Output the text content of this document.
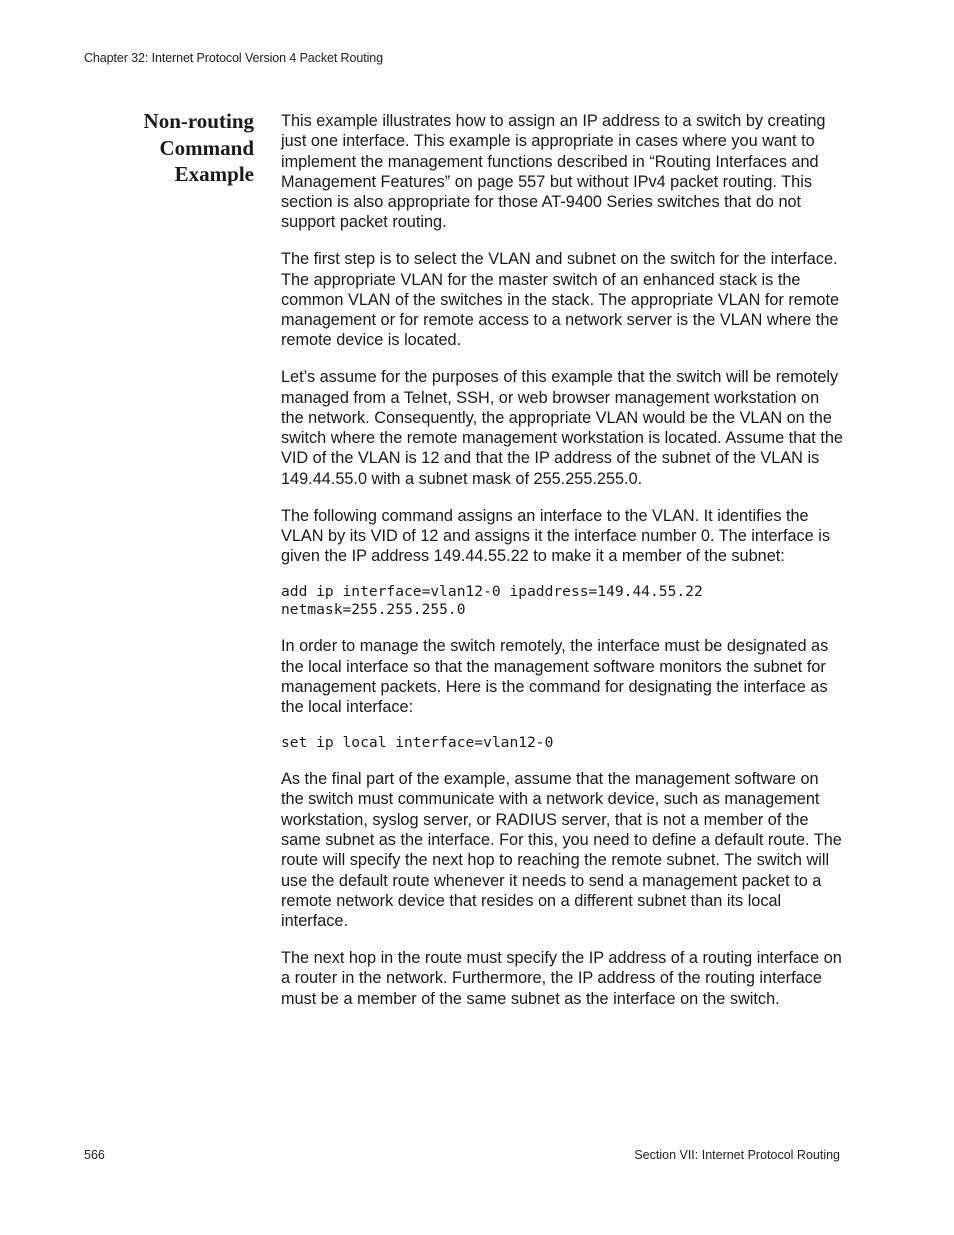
Chapter 32: Internet Protocol Version 4 Packet Routing
Non-routing
Command
Example

This example illustrates how to assign an IP address to a switch by creating just one interface. This example is appropriate in cases where you want to implement the management functions described in “Routing Interfaces and Management Features” on page 557 but without IPv4 packet routing. This section is also appropriate for those AT-9400 Series switches that do not support packet routing.

The first step is to select the VLAN and subnet on the switch for the interface. The appropriate VLAN for the master switch of an enhanced stack is the common VLAN of the switches in the stack. The appropriate VLAN for remote management or for remote access to a network server is the VLAN where the remote device is located.

Let’s assume for the purposes of this example that the switch will be remotely managed from a Telnet, SSH, or web browser management workstation on the network. Consequently, the appropriate VLAN would be the VLAN on the switch where the remote management workstation is located. Assume that the VID of the VLAN is 12 and that the IP address of the subnet of the VLAN is 149.44.55.0 with a subnet mask of 255.255.255.0.

The following command assigns an interface to the VLAN. It identifies the VLAN by its VID of 12 and assigns it the interface number 0. The interface is given the IP address 149.44.55.22 to make it a member of the subnet:

add ip interface=vlan12-0 ipaddress=149.44.55.22
netmask=255.255.255.0

In order to manage the switch remotely, the interface must be designated as the local interface so that the management software monitors the subnet for management packets. Here is the command for designating the interface as the local interface:

set ip local interface=vlan12-0

As the final part of the example, assume that the management software on the switch must communicate with a network device, such as management workstation, syslog server, or RADIUS server, that is not a member of the same subnet as the interface. For this, you need to define a default route. The route will specify the next hop to reaching the remote subnet. The switch will use the default route whenever it needs to send a management packet to a remote network device that resides on a different subnet than its local interface.

The next hop in the route must specify the IP address of a routing interface on a router in the network. Furthermore, the IP address of the routing interface must be a member of the same subnet as the interface on the switch.

566	Section VII: Internet Protocol Routing
